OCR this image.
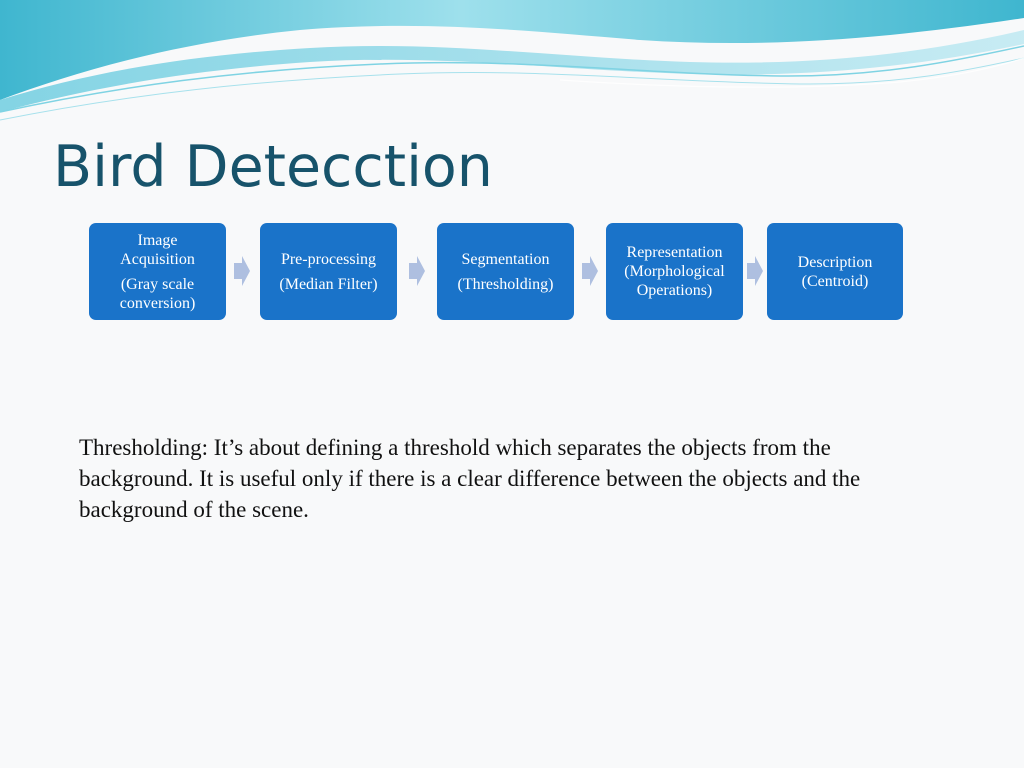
Bird Detecction
Image
Acquisition
(Gray scale
conversion)
Pre-processing
(Median Filter)
Segmentation
(Thresholding)
Representation
(Morphological
Operations)
Description
(Centroid)

Thresholding: It’s about defining a threshold which separates the objects from the background. It is useful only if there is a clear difference between the objects and the background of the scene.
